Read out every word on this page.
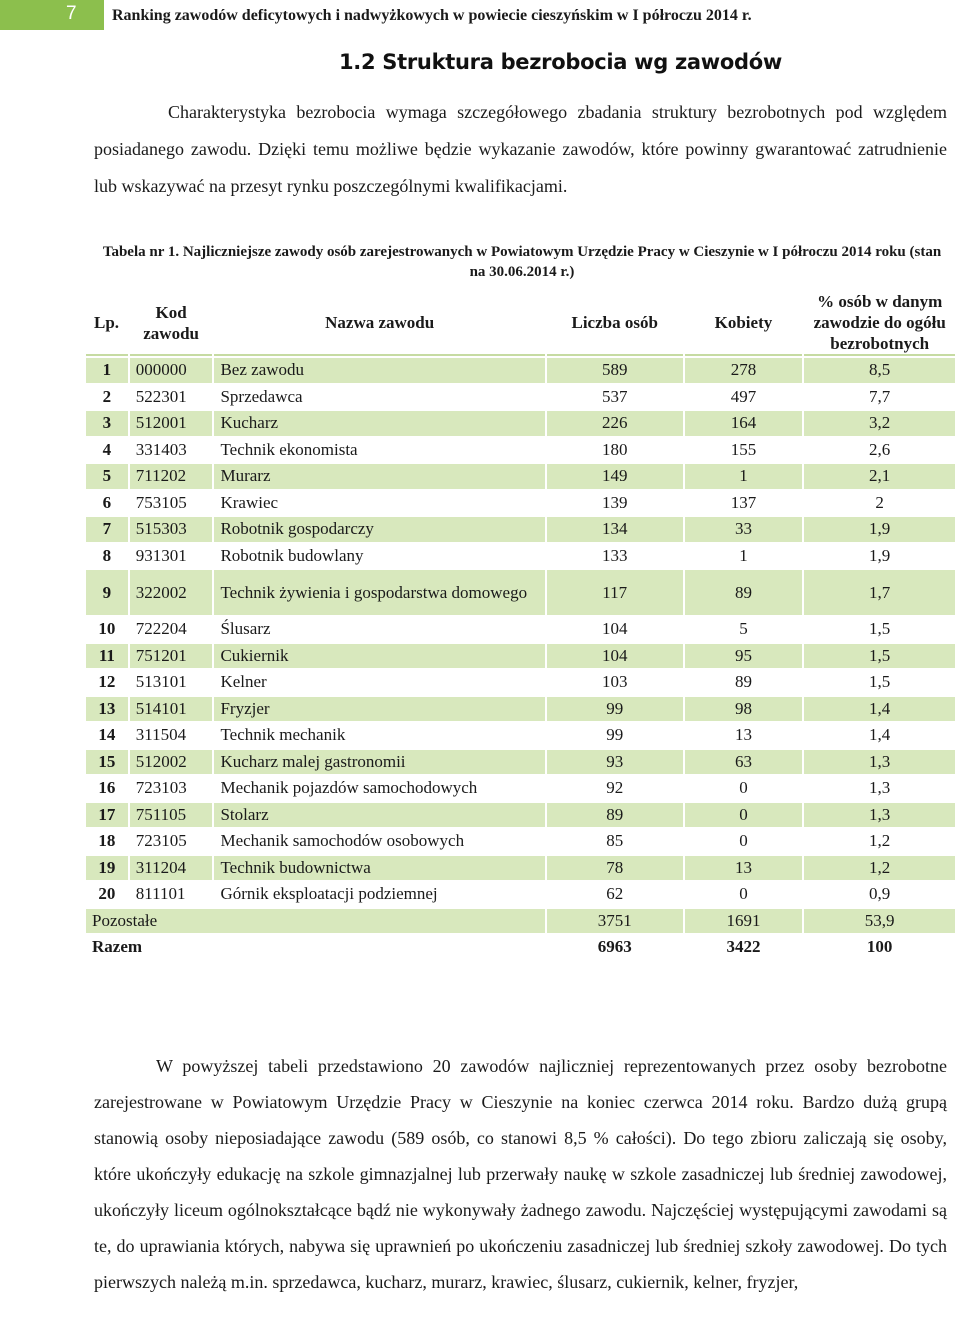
7 Ranking zawodów deficytowych i nadwyżkowych w powiecie cieszyńskim w I półroczu 2014 r.
1.2 Struktura bezrobocia wg zawodów
Charakterystyka bezrobocia wymaga szczegółowego zbadania struktury bezrobotnych pod względem posiadanego zawodu. Dzięki temu możliwe będzie wykazanie zawodów, które powinny gwarantować zatrudnienie lub wskazywać na przesyt rynku poszczególnymi kwalifikacjami.
Tabela nr 1. Najliczniejsze zawody osób zarejestrowanych w Powiatowym Urzędzie Pracy w Cieszynie w I półroczu 2014 roku (stan na 30.06.2014 r.)
Lp.	Kod zawodu	Nazwa zawodu	Liczba osób	Kobiety	% osób w danym zawodzie do ogółu bezrobotnych
1	000000	Bez zawodu	589	278	8,5
2	522301	Sprzedawca	537	497	7,7
3	512001	Kucharz	226	164	3,2
4	331403	Technik ekonomista	180	155	2,6
5	711202	Murarz	149	1	2,1
6	753105	Krawiec	139	137	2
7	515303	Robotnik gospodarczy	134	33	1,9
8	931301	Robotnik budowlany	133	1	1,9
9	322002	Technik żywienia i gospodarstwa domowego	117	89	1,7
10	722204	Ślusarz	104	5	1,5
11	751201	Cukiernik	104	95	1,5
12	513101	Kelner	103	89	1,5
13	514101	Fryzjer	99	98	1,4
14	311504	Technik mechanik	99	13	1,4
15	512002	Kucharz malej gastronomii	93	63	1,3
16	723103	Mechanik pojazdów samochodowych	92	0	1,3
17	751105	Stolarz	89	0	1,3
18	723105	Mechanik samochodów osobowych	85	0	1,2
19	311204	Technik budownictwa	78	13	1,2
20	811101	Górnik eksploatacji podziemnej	62	0	0,9
Pozostałe			3751	1691	53,9
Razem			6963	3422	100
W powyższej tabeli przedstawiono 20 zawodów najliczniej reprezentowanych przez osoby bezrobotne zarejestrowane w Powiatowym Urzędzie Pracy w Cieszynie na koniec czerwca 2014 roku. Bardzo dużą grupą stanowią osoby nieposiadające zawodu (589 osób, co stanowi 8,5 % całości). Do tego zbioru zaliczają się osoby, które ukończyły edukację na szkole gimnazjalnej lub przerwały naukę w szkole zasadniczej lub średniej zawodowej, ukończyły liceum ogólnokształcące bądź nie wykonywały żadnego zawodu. Najczęściej występującymi zawodami są te, do uprawiania których, nabywa się uprawnień po ukończeniu zasadniczej lub średniej szkoły zawodowej. Do tych pierwszych należą m.in. sprzedawca, kucharz, murarz, krawiec, ślusarz, cukiernik, kelner, fryzjer,
